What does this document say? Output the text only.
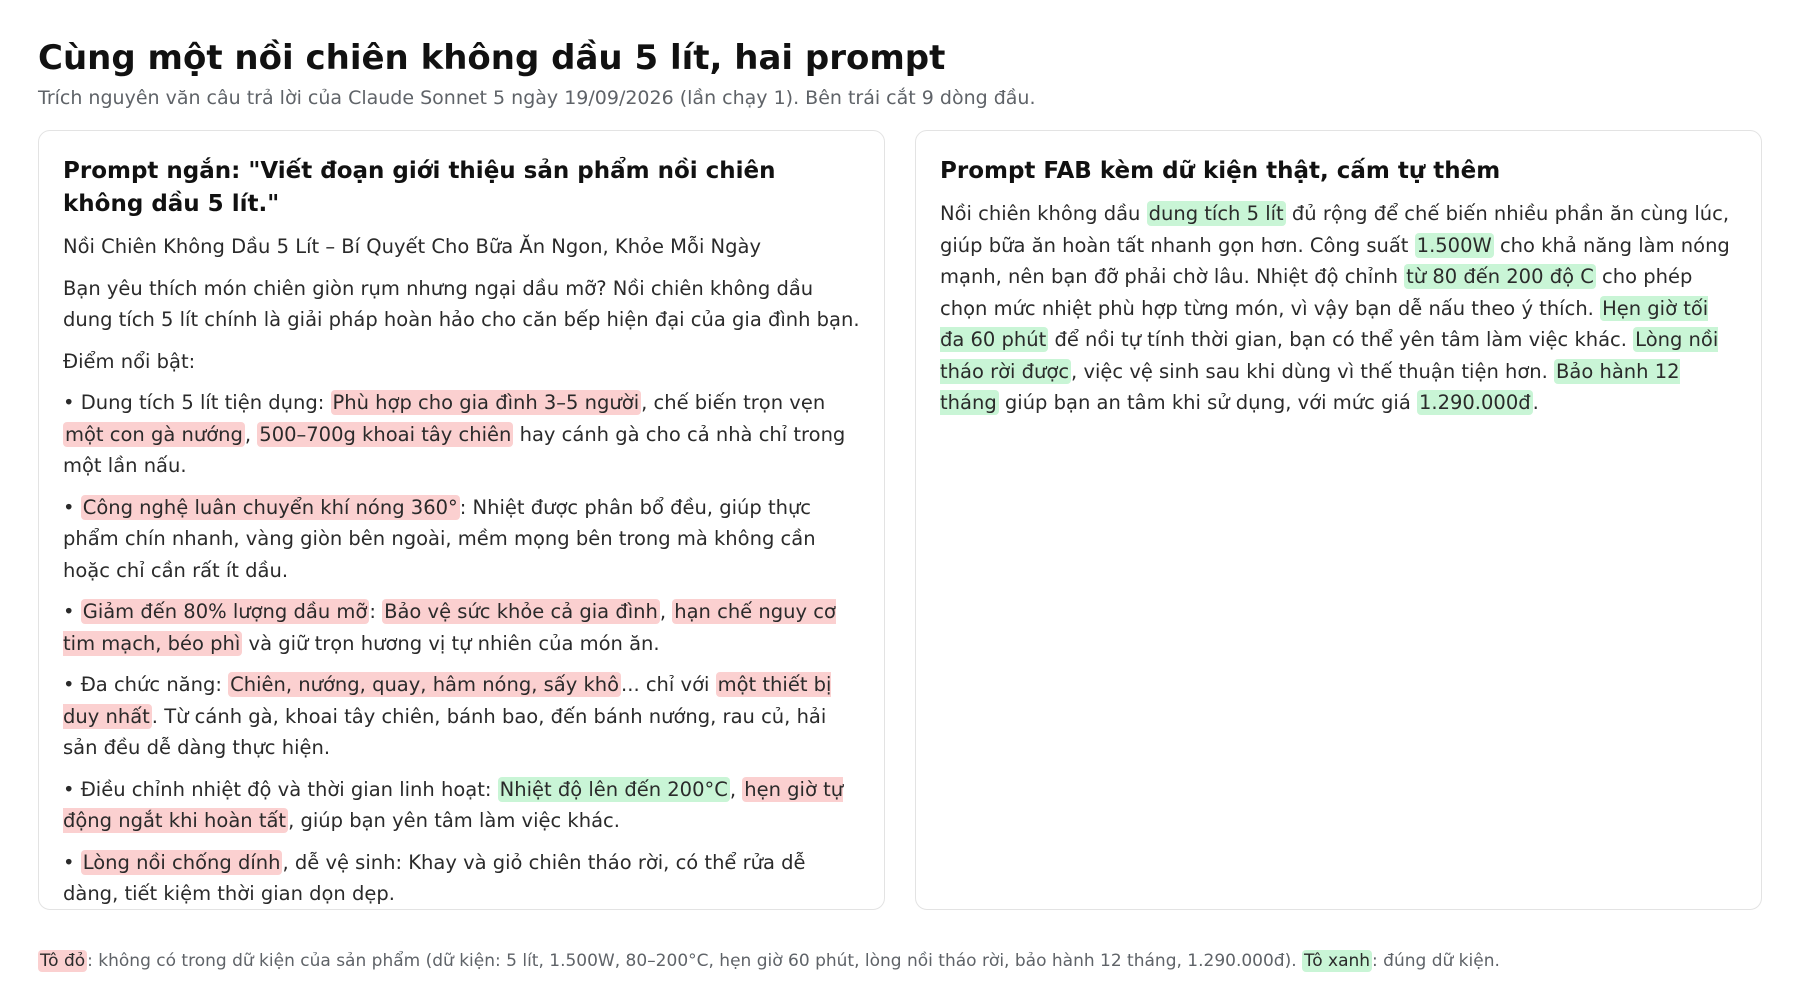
Cùng một nồi chiên không dầu 5 lít, hai prompt

Trích nguyên văn câu trả lời của Claude Sonnet 5 ngày 19/09/2026 (lần chạy 1). Bên trái cắt 9 dòng đầu.

Prompt ngắn: "Viết đoạn giới thiệu sản phẩm nồi chiên không dầu 5 lít."

Nồi Chiên Không Dầu 5 Lít – Bí Quyết Cho Bữa Ăn Ngon, Khỏe Mỗi Ngày

Bạn yêu thích món chiên giòn rụm nhưng ngại dầu mỡ? Nồi chiên không dầu dung tích 5 lít chính là giải pháp hoàn hảo cho căn bếp hiện đại của gia đình bạn.

Điểm nổi bật:

• Dung tích 5 lít tiện dụng: Phù hợp cho gia đình 3–5 người , chế biến trọn vẹn một con gà nướng , 500–700g khoai tây chiên hay cánh gà cho cả nhà chỉ trong một lần nấu.

• Công nghệ luân chuyển khí nóng 360° : Nhiệt được phân bổ đều, giúp thực phẩm chín nhanh, vàng giòn bên ngoài, mềm mọng bên trong mà không cần hoặc chỉ cần rất ít dầu.

• Giảm đến 80% lượng dầu mỡ : Bảo vệ sức khỏe cả gia đình , hạn chế nguy cơ tim mạch, béo phì và giữ trọn hương vị tự nhiên của món ăn.

• Đa chức năng: Chiên, nướng, quay, hâm nóng, sấy khô ... chỉ với một thiết bị duy nhất . Từ cánh gà, khoai tây chiên, bánh bao, đến bánh nướng, rau củ, hải sản đều dễ dàng thực hiện.

• Điều chỉnh nhiệt độ và thời gian linh hoạt: Nhiệt độ lên đến 200°C , hẹn giờ tự động ngắt khi hoàn tất , giúp bạn yên tâm làm việc khác.

• Lòng nồi chống dính , dễ vệ sinh: Khay và giỏ chiên tháo rời, có thể rửa dễ dàng, tiết kiệm thời gian dọn dẹp.

Prompt FAB kèm dữ kiện thật, cấm tự thêm

Nồi chiên không dầu dung tích 5 lít đủ rộng để chế biến nhiều phần ăn cùng lúc, giúp bữa ăn hoàn tất nhanh gọn hơn. Công suất 1.500W cho khả năng làm nóng mạnh, nên bạn đỡ phải chờ lâu. Nhiệt độ chỉnh từ 80 đến 200 độ C cho phép chọn mức nhiệt phù hợp từng món, vì vậy bạn dễ nấu theo ý thích. Hẹn giờ tối đa 60 phút để nồi tự tính thời gian, bạn có thể yên tâm làm việc khác. Lòng nồi tháo rời được , việc vệ sinh sau khi dùng vì thế thuận tiện hơn. Bảo hành 12 tháng giúp bạn an tâm khi sử dụng, với mức giá 1.290.000đ .

Tô đỏ : không có trong dữ kiện của sản phẩm (dữ kiện: 5 lít, 1.500W, 80–200°C, hẹn giờ 60 phút, lòng nồi tháo rời, bảo hành 12 tháng, 1.290.000đ). Tô xanh : đúng dữ kiện.
